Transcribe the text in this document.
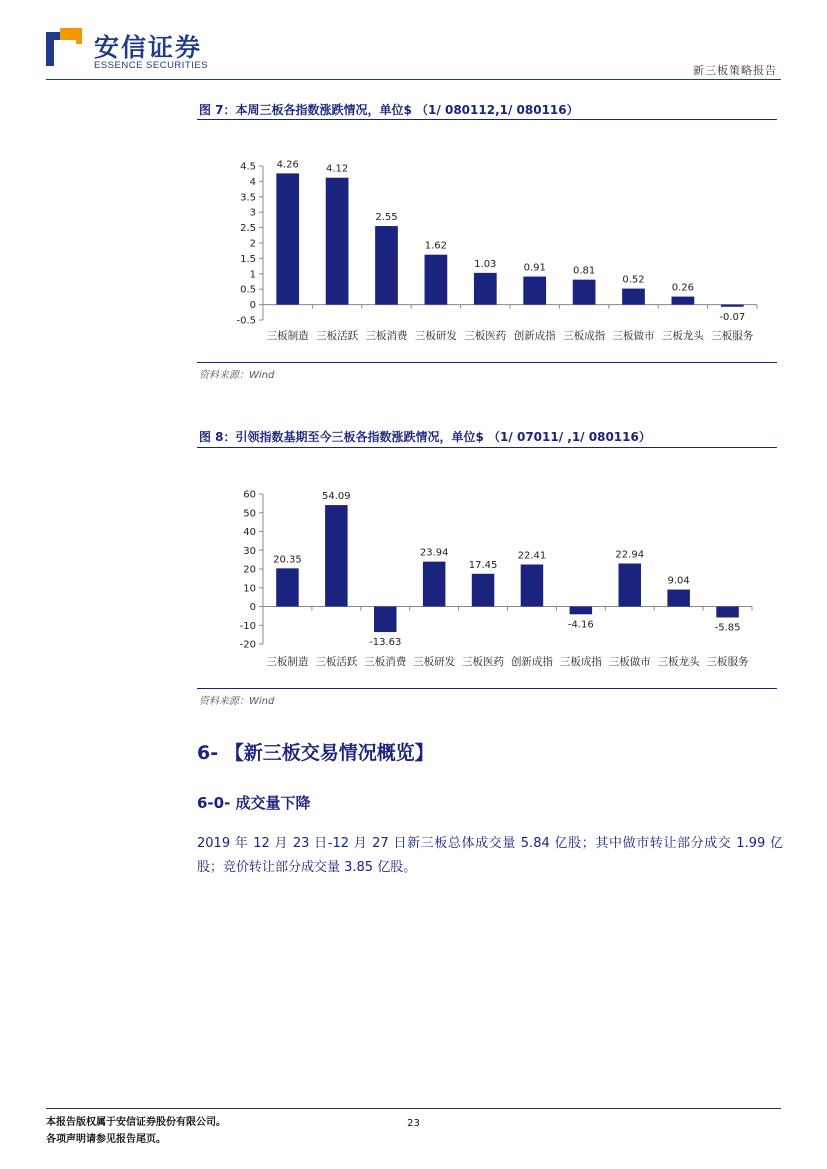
安信证券
ESSENCE SECURITIES	新三板策略报告
图 7：本周三板各指数涨跌情况，单位$ （1/ 080112,1/ 080116）
4.5
4
3.5
3
2.5
2
1.5
1
0.5
0
-0.5
4.26
三板制造
4.12
三板活跃
2.55
三板消费
1.62
三板研发
1.03
三板医药
0.91
创新成指
0.81
三板成指
0.52
三板做市
0.26
三板龙头
-0.07
三板服务
资料来源：Wind
图 8：引领指数基期至今三板各指数涨跌情况，单位$ （1/ 07011/ ,1/ 080116）
60
50
40
30
20
10
0
-10
-20
20.35
三板制造
54.09
三板活跃
-13.63
三板消费
23.94
三板研发
17.45
三板医药
22.41
创新成指
-4.16
三板成指
22.94
三板做市
9.04
三板龙头
-5.85
三板服务
资料来源：Wind
6- 【新三板交易情况概览】
6-0- 成交量下降
2019 年 12 月 23 日-12 月 27 日新三板总体成交量 5.84 亿股；其中做市转让部分成交 1.99 亿股；竞价转让部分成交量 3.85 亿股。
本报告版权属于安信证券股份有限公司。
各项声明请参见报告尾页。
23
